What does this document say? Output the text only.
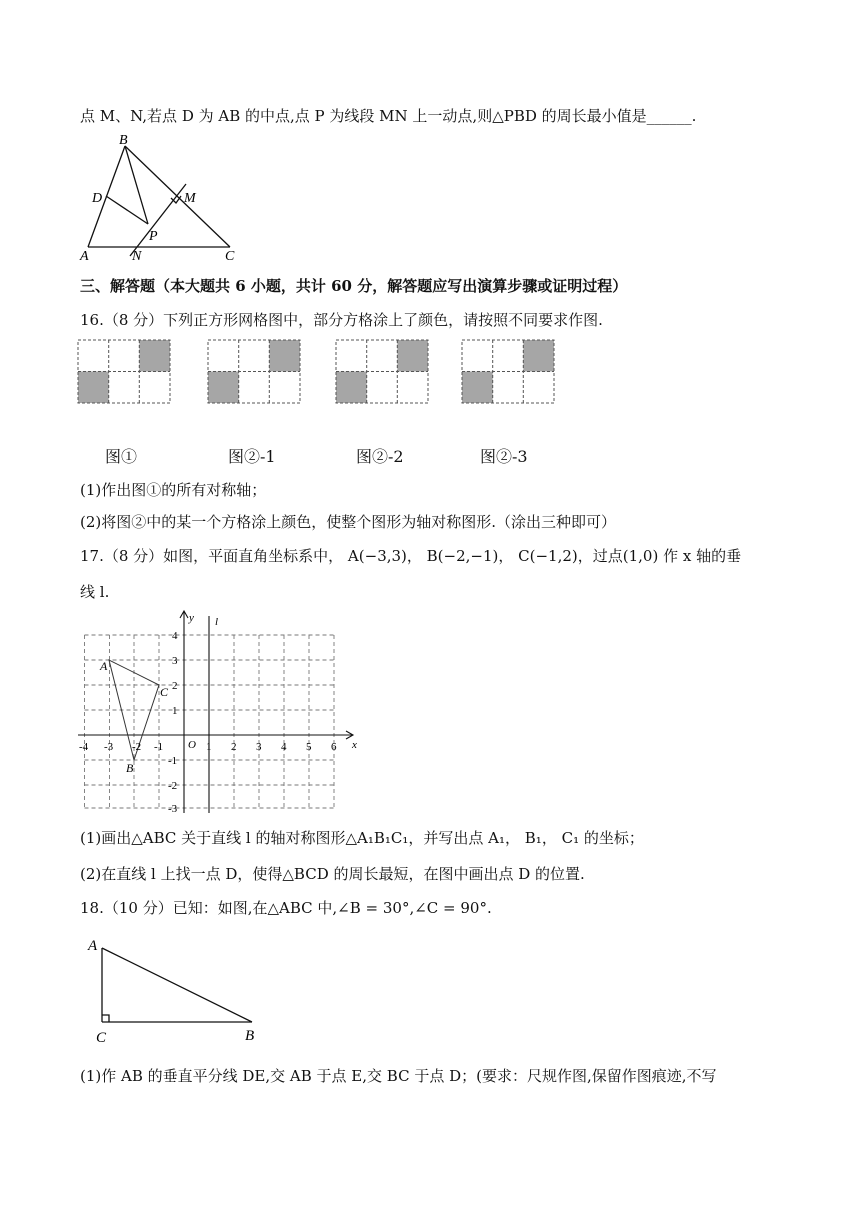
点 M、N,若点 D 为 AB 的中点,点 P 为线段 MN 上一动点,则△PBD 的周长最小值是______.
B
D	M
P
A	N	C
三、解答题（本大题共 6 小题，共计 60 分，解答题应写出演算步骤或证明过程）
16.（8 分）下列正方形网格图中，部分方格涂上了颜色，请按照不同要求作图.
图①	图②-1	图②-2	图②-3
(1)作出图①的所有对称轴；
(2)将图②中的某一个方格涂上颜色，使整个图形为轴对称图形.（涂出三种即可）
17.（8 分）如图，平面直角坐标系中， A(−3,3)， B(−2,−1)， C(−1,2)，过点(1,0) 作 x 轴的垂
线 l.
x
y l
O
-4 -3 -2 -1	1 2 3 4 5 6
4
3
2
1
-1
-2
-3
A
B
C
(1)画出△ABC 关于直线 l 的轴对称图形△A₁B₁C₁，并写出点 A₁， B₁， C₁ 的坐标；
(2)在直线 l 上找一点 D，使得△BCD 的周长最短，在图中画出点 D 的位置.
18.（10 分）已知：如图,在△ABC 中,∠B = 30°,∠C = 90°.
A
C	B
(1)作 AB 的垂直平分线 DE,交 AB 于点 E,交 BC 于点 D；(要求：尺规作图,保留作图痕迹,不写
